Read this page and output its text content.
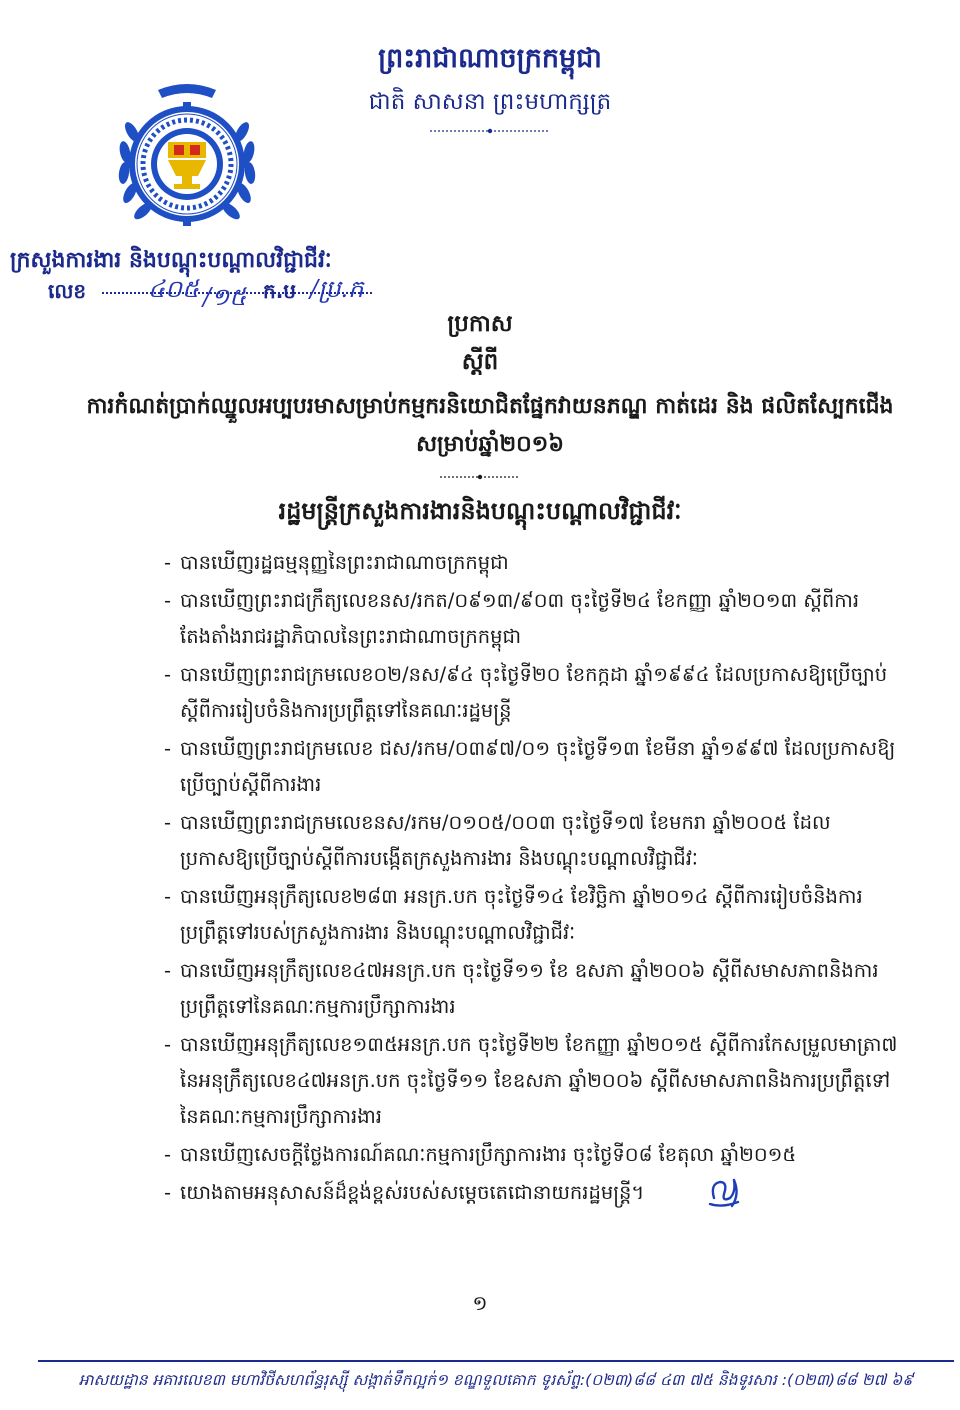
ព្រះរាជាណាចក្រកម្ពុជា
ជាតិ សាសនា ព្រះមហាក្សត្រ
ក្រសួងការងារ និងបណ្តុះបណ្តាលវិជ្ជាជីវៈ
លេខ	៤០៥ /១៥ ក.ប /ប្រ.ក
ប្រកាស
ស្តីពី
ការកំណត់ប្រាក់ឈ្នួលអប្បបរមាសម្រាប់កម្មករនិយោជិតផ្នែកវាយនភណ្ឌ កាត់ដេរ និង ផលិតស្បែកជើង សម្រាប់ឆ្នាំ២០១៦
រដ្ឋមន្ត្រីក្រសួងការងារនិងបណ្តុះបណ្តាលវិជ្ជាជីវៈ
- បានឃើញរដ្ឋធម្មនុញ្ញនៃព្រះរាជាណាចក្រកម្ពុជា
- បានឃើញព្រះរាជក្រឹត្យលេខនស/រកត/០៩១៣/៩០៣ ចុះថ្ងៃទី២៤ ខែកញ្ញា ឆ្នាំ២០១៣ ស្តីពីការតែងតាំងរាជរដ្ឋាភិបាលនៃព្រះរាជាណាចក្រកម្ពុជា
- បានឃើញព្រះរាជក្រមលេខ០២/នស/៩៤ ចុះថ្ងៃទី២០ ខែកក្កដា ឆ្នាំ១៩៩៤ ដែលប្រកាសឱ្យប្រើច្បាប់ស្តីពីការរៀបចំនិងការប្រព្រឹត្តទៅនៃគណៈរដ្ឋមន្ត្រី
- បានឃើញព្រះរាជក្រមលេខ ជស/រកម/០៣៩៧/០១ ចុះថ្ងៃទី១៣ ខែមីនា ឆ្នាំ១៩៩៧ ដែលប្រកាសឱ្យប្រើច្បាប់ស្តីពីការងារ
- បានឃើញព្រះរាជក្រមលេខនស/រកម/០១០៥/០០៣ ចុះថ្ងៃទី១៧ ខែមករា ឆ្នាំ២០០៥ ដែលប្រកាសឱ្យប្រើច្បាប់ស្តីពីការបង្កើតក្រសួងការងារ និងបណ្តុះបណ្តាលវិជ្ជាជីវៈ
- បានឃើញអនុក្រឹត្យលេខ២៨៣ អនក្រ.បក ចុះថ្ងៃទី១៤ ខែវិច្ឆិកា ឆ្នាំ២០១៤ ស្តីពីការរៀបចំនិងការប្រព្រឹត្តទៅរបស់ក្រសួងការងារ និងបណ្តុះបណ្តាលវិជ្ជាជីវៈ
- បានឃើញអនុក្រឹត្យលេខ៤៧អនក្រ.បក ចុះថ្ងៃទី១១ ខែ ឧសភា ឆ្នាំ២០០៦ ស្តីពីសមាសភាពនិងការប្រព្រឹត្តទៅនៃគណៈកម្មការប្រឹក្សាការងារ
- បានឃើញអនុក្រឹត្យលេខ១៣៥អនក្រ.បក ចុះថ្ងៃទី២២ ខែកញ្ញា ឆ្នាំ២០១៥ ស្តីពីការកែសម្រួលមាត្រា៧ នៃអនុក្រឹត្យលេខ៤៧អនក្រ.បក ចុះថ្ងៃទី១១ ខែឧសភា ឆ្នាំ២០០៦ ស្តីពីសមាសភាពនិងការប្រព្រឹត្តទៅនៃគណៈកម្មការប្រឹក្សាការងារ
- បានឃើញសេចក្តីថ្លែងការណ៍គណៈកម្មការប្រឹក្សាការងារ ចុះថ្ងៃទី០៨ ខែតុលា ឆ្នាំ២០១៥
- យោងតាមអនុសាសន៍ដ៏ខ្ពង់ខ្ពស់របស់សម្តេចតេជោនាយករដ្ឋមន្ត្រី។
១
អាសយដ្ឋាន អគារលេខ៣ មហាវិថីសហព័ន្ធរុស្ស៊ី សង្កាត់ទឹកល្អក់១ ខណ្ឌទួលគោក ទូរស័ព្ទ:(០២៣)៨៨ ៤៣ ៧៥ និងទូរសារ :(០២៣)៨៨ ២៧ ៦៩
